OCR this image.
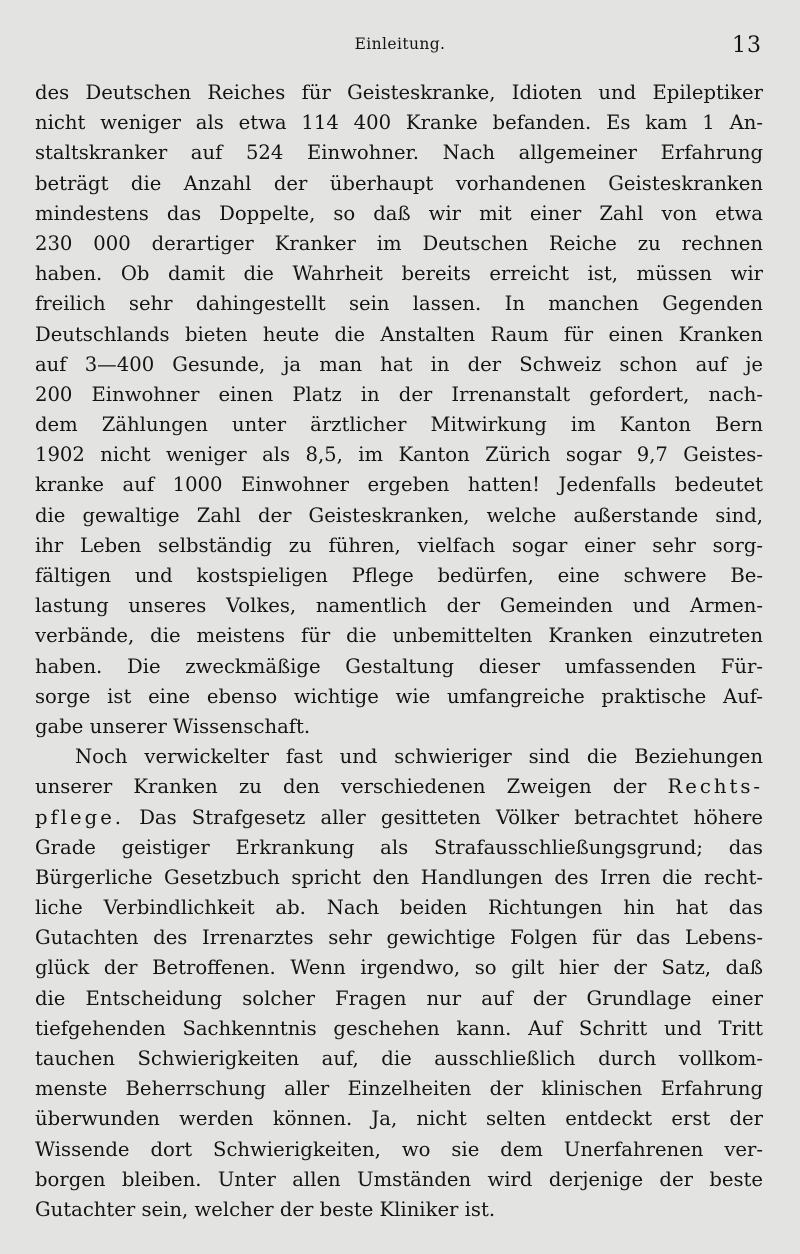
Einleitung.	13
des Deutschen Reiches für Geisteskranke, Idioten und Epileptiker
nicht weniger als etwa 114 400 Kranke befanden. Es kam 1 An-
staltskranker auf 524 Einwohner. Nach allgemeiner Erfahrung
beträgt die Anzahl der überhaupt vorhandenen Geisteskranken
mindestens das Doppelte, so daß wir mit einer Zahl von etwa
230 000 derartiger Kranker im Deutschen Reiche zu rechnen
haben. Ob damit die Wahrheit bereits erreicht ist, müssen wir
freilich sehr dahingestellt sein lassen. In manchen Gegenden
Deutschlands bieten heute die Anstalten Raum für einen Kranken
auf 3—400 Gesunde, ja man hat in der Schweiz schon auf je
200 Einwohner einen Platz in der Irrenanstalt gefordert, nach-
dem Zählungen unter ärztlicher Mitwirkung im Kanton Bern
1902 nicht weniger als 8,5, im Kanton Zürich sogar 9,7 Geistes-
kranke auf 1000 Einwohner ergeben hatten! Jedenfalls bedeutet
die gewaltige Zahl der Geisteskranken, welche außerstande sind,
ihr Leben selbständig zu führen, vielfach sogar einer sehr sorg-
fältigen und kostspieligen Pflege bedürfen, eine schwere Be-
lastung unseres Volkes, namentlich der Gemeinden und Armen-
verbände, die meistens für die unbemittelten Kranken einzutreten
haben. Die zweckmäßige Gestaltung dieser umfassenden Für-
sorge ist eine ebenso wichtige wie umfangreiche praktische Auf-
gabe unserer Wissenschaft.
Noch verwickelter fast und schwieriger sind die Beziehungen
unserer Kranken zu den verschiedenen Zweigen der Rechts-
pflege. Das Strafgesetz aller gesitteten Völker betrachtet höhere
Grade geistiger Erkrankung als Strafausschließungsgrund; das
Bürgerliche Gesetzbuch spricht den Handlungen des Irren die recht-
liche Verbindlichkeit ab. Nach beiden Richtungen hin hat das
Gutachten des Irrenarztes sehr gewichtige Folgen für das Lebens-
glück der Betroffenen. Wenn irgendwo, so gilt hier der Satz, daß
die Entscheidung solcher Fragen nur auf der Grundlage einer
tiefgehenden Sachkenntnis geschehen kann. Auf Schritt und Tritt
tauchen Schwierigkeiten auf, die ausschließlich durch vollkom-
menste Beherrschung aller Einzelheiten der klinischen Erfahrung
überwunden werden können. Ja, nicht selten entdeckt erst der
Wissende dort Schwierigkeiten, wo sie dem Unerfahrenen ver-
borgen bleiben. Unter allen Umständen wird derjenige der beste
Gutachter sein, welcher der beste Kliniker ist.
